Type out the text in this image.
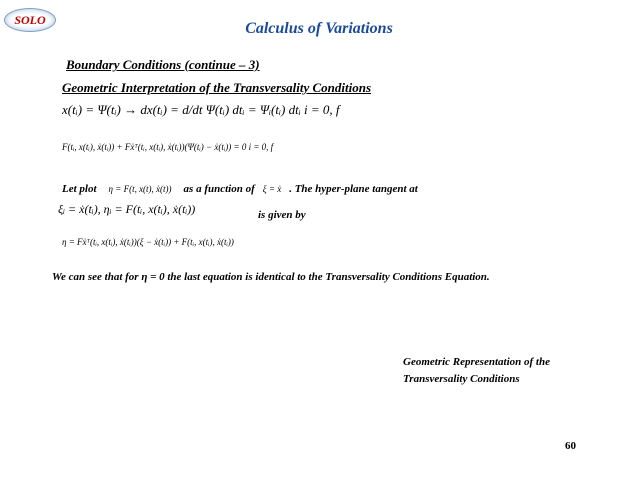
SOLO
Calculus of Variations
Boundary Conditions (continue – 3)
Geometric Interpretation of the Transversality Conditions
x(tᵢ) = Ψ(tᵢ) → dx(tᵢ) = d/dt Ψ(tᵢ) dtᵢ = Ψᵢ(tᵢ) dtᵢ i = 0, f
F(tᵢ, x(tᵢ), ẋ(tᵢ)) + Fẋᵀ(tᵢ, x(tᵢ), ẋ(tᵢ))(Ψ(tᵢ) − ẋ(tᵢ)) = 0 i = 0, f
Let plot η = F(t, x(t), ẋ(t)) as a function of ξ = ẋ . The hyper-plane tangent at
ξᵢ = ẋ(tᵢ), ηᵢ = F(tᵢ, x(tᵢ), ẋ(tᵢ))	is given by
η = Fẋᵀ(tᵢ, x(tᵢ), ẋ(tᵢ))(ξ − ẋ(tᵢ)) + F(tᵢ, x(tᵢ), ẋ(tᵢ))
We can see that for η = 0 the last equation is identical to the Transversality Conditions Equation.
Geometric Representation of the
Transversality Conditions
60
